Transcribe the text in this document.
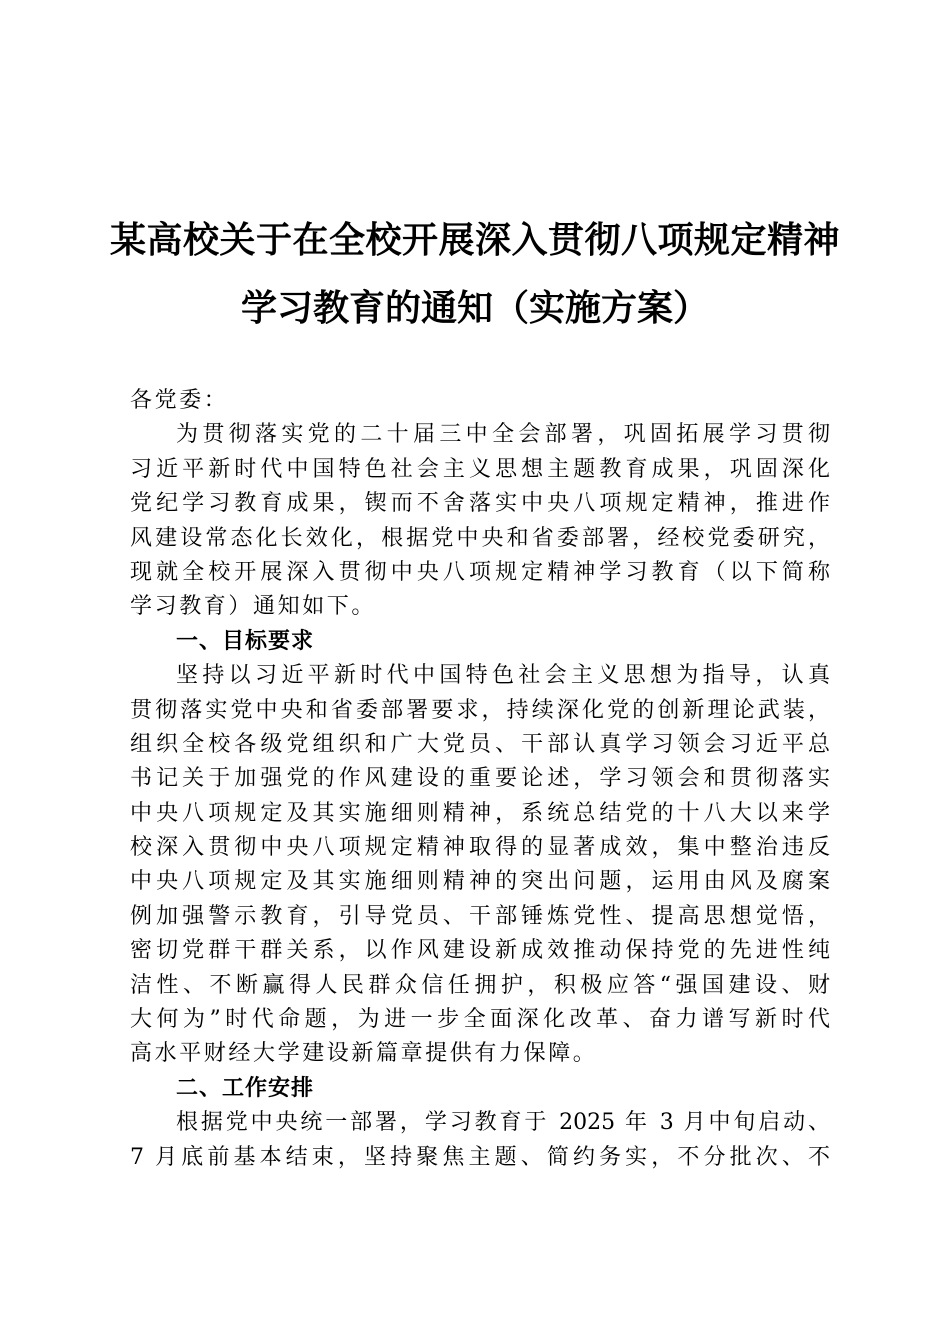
某高校关于在全校开展深入贯彻八项规定精神
学习教育的通知（实施方案）
各党委：
为贯彻落实党的二十届三中全会部署，巩固拓展学习贯彻
习近平新时代中国特色社会主义思想主题教育成果，巩固深化
党纪学习教育成果，锲而不舍落实中央八项规定精神，推进作
风建设常态化长效化，根据党中央和省委部署，经校党委研究，
现就全校开展深入贯彻中央八项规定精神学习教育（以下简称
学习教育）通知如下。
一、目标要求
坚持以习近平新时代中国特色社会主义思想为指导，认真
贯彻落实党中央和省委部署要求，持续深化党的创新理论武装，
组织全校各级党组织和广大党员、干部认真学习领会习近平总
书记关于加强党的作风建设的重要论述，学习领会和贯彻落实
中央八项规定及其实施细则精神，系统总结党的十八大以来学
校深入贯彻中央八项规定精神取得的显著成效，集中整治违反
中央八项规定及其实施细则精神的突出问题，运用由风及腐案
例加强警示教育，引导党员、干部锤炼党性、提高思想觉悟，
密切党群干群关系，以作风建设新成效推动保持党的先进性纯
洁性、不断赢得人民群众信任拥护，积极应答“强国建设、财
大何为”时代命题，为进一步全面深化改革、奋力谱写新时代
高水平财经大学建设新篇章提供有力保障。
二、工作安排
根据党中央统一部署，学习教育于 2025 年 3 月中旬启动、
7 月底前基本结束，坚持聚焦主题、简约务实，不分批次、不
